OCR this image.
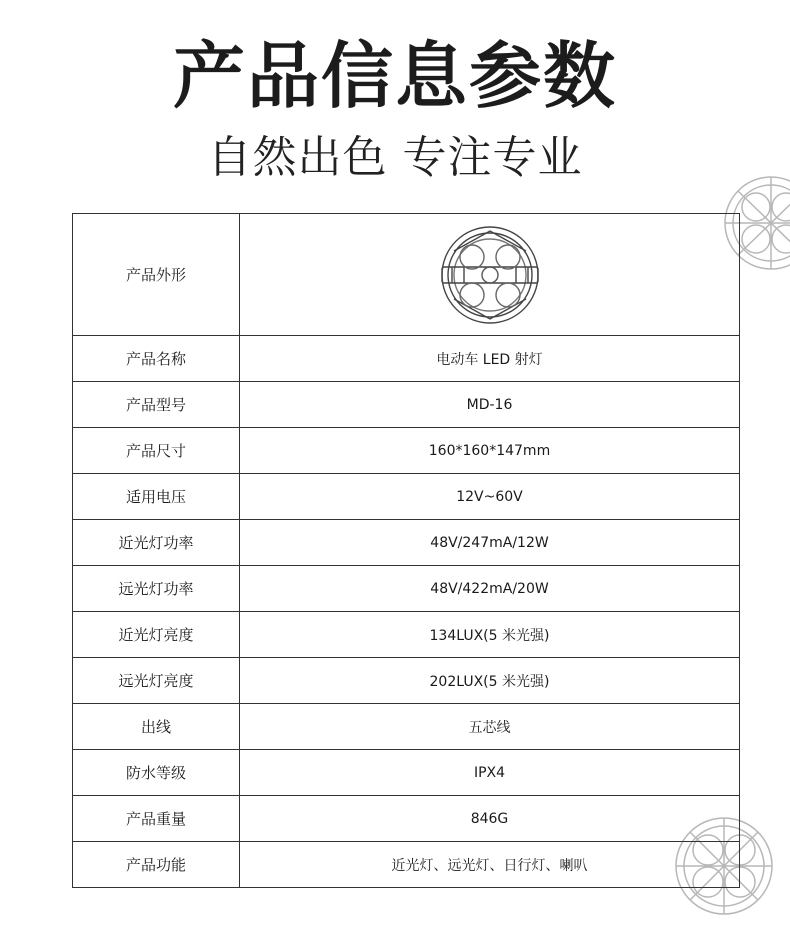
产品信息参数
自然出色 专注专业
产品外形	

产品名称	电动车 LED 射灯
产品型号	MD-16
产品尺寸	160*160*147mm
适用电压	12V~60V
近光灯功率	48V/247mA/12W
远光灯功率	48V/422mA/20W
近光灯亮度	134LUX(5 米光强)
远光灯亮度	202LUX(5 米光强)
出线	五芯线
防水等级	IPX4
产品重量	846G
产品功能	近光灯、远光灯、日行灯、喇叭
